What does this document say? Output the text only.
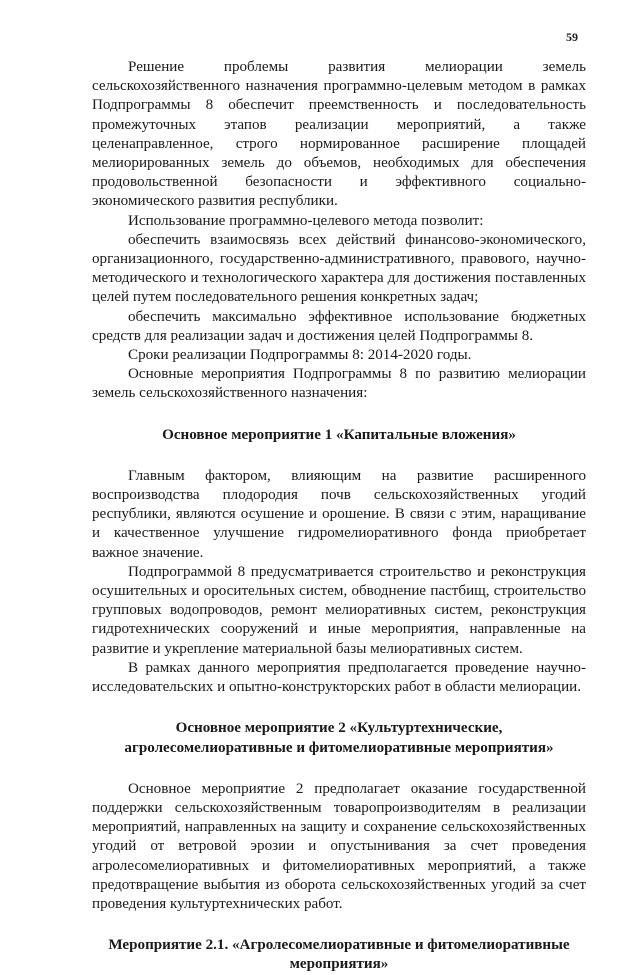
59

Решение проблемы развития мелиорации земель сельскохозяйственного назначения программно-целевым методом в рамках Подпрограммы 8 обеспечит преемственность и последовательность промежуточных этапов реализации мероприятий, а также целенаправленное, строго нормированное расширение площадей мелиорированных земель до объемов, необходимых для обеспечения продовольственной безопасности и эффективного социально-экономического развития республики.

Использование программно-целевого метода позволит:

обеспечить взаимосвязь всех действий финансово-экономического, организационного, государственно-административного, правового, научно-методического и технологического характера для достижения поставленных целей путем последовательного решения конкретных задач;

обеспечить максимально эффективное использование бюджетных средств для реализации задач и достижения целей Подпрограммы 8.

Сроки реализации Подпрограммы 8: 2014-2020 годы.

Основные мероприятия Подпрограммы 8 по развитию мелиорации земель сельскохозяйственного назначения:

Основное мероприятие 1 «Капитальные вложения»

Главным фактором, влияющим на развитие расширенного воспроизводства плодородия почв сельскохозяйственных угодий республики, являются осушение и орошение. В связи с этим, наращивание и качественное улучшение гидромелиоративного фонда приобретает важное значение.

Подпрограммой 8 предусматривается строительство и реконструкция осушительных и оросительных систем, обводнение пастбищ, строительство групповых водопроводов, ремонт мелиоративных систем, реконструкция гидротехнических сооружений и иные мероприятия, направленные на развитие и укрепление материальной базы мелиоративных систем.

В рамках данного мероприятия предполагается проведение научно-исследовательских и опытно-конструкторских работ в области мелиорации.

Основное мероприятие 2 «Культуртехнические, агролесомелиоративные и фитомелиоративные мероприятия»

Основное мероприятие 2 предполагает оказание государственной поддержки сельскохозяйственным товаропроизводителям в реализации мероприятий, направленных на защиту и сохранение сельскохозяйственных угодий от ветровой эрозии и опустынивания за счет проведения агролесомелиоративных и фитомелиоративных мероприятий, а также предотвращение выбытия из оборота сельскохозяйственных угодий за счет проведения культуртехнических работ.

Мероприятие 2.1. «Агролесомелиоративные и фитомелиоративные мероприятия»
